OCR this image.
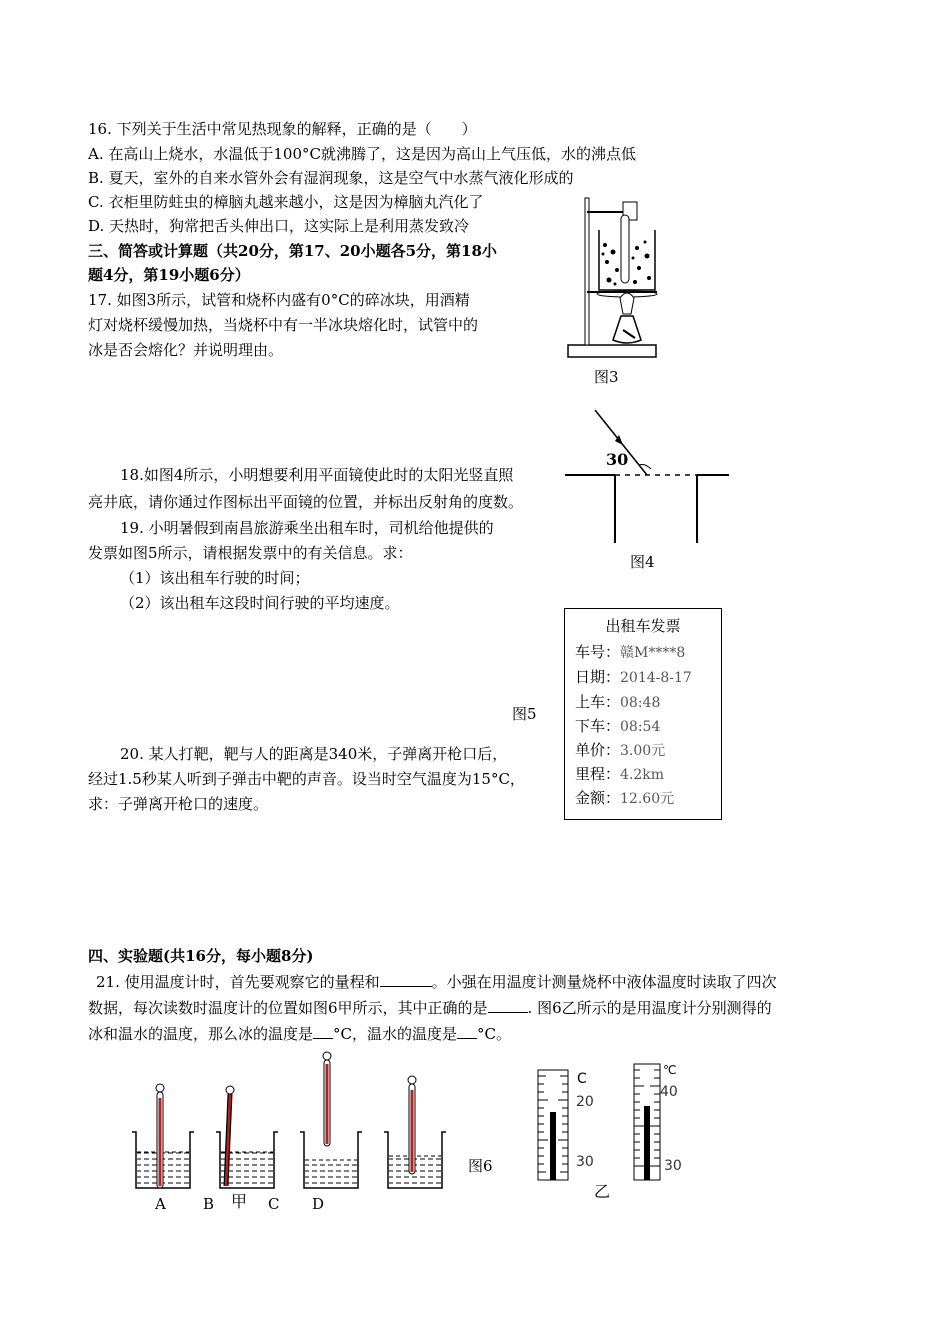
16. 下列关于生活中常见热现象的解释，正确的是（　　）
A. 在高山上烧水，水温低于100°C就沸腾了，这是因为高山上气压低，水的沸点低
B. 夏天，室外的自来水管外会有湿润现象，这是空气中水蒸气液化形成的
C. 衣柜里防蛀虫的樟脑丸越来越小，这是因为樟脑丸汽化了
D. 天热时，狗常把舌头伸出口，这实际上是利用蒸发致冷
三、简答或计算题（共20分，第17、20小题各5分，第18小
题4分，第19小题6分）
17. 如图3所示，试管和烧杯内盛有0°C的碎冰块，用酒精
灯对烧杯缓慢加热，当烧杯中有一半冰块熔化时，试管中的
冰是否会熔化？并说明理由。
图3
30
图4
18.如图4所示，小明想要利用平面镜使此时的太阳光竖直照
亮井底，请你通过作图标出平面镜的位置，并标出反射角的度数。
19. 小明暑假到南昌旅游乘坐出租车时，司机给他提供的
发票如图5所示，请根据发票中的有关信息。求：
（1）该出租车行驶的时间；
（2）该出租车这段时间行驶的平均速度。
图5
出租车发票
车号：赣M****8
日期：2014-8-17
上车：08:48
下车：08:54
单价：3.00元
里程：4.2km
金额：12.60元
20. 某人打靶，靶与人的距离是340米，子弹离开枪口后，
经过1.5秒某人听到子弹击中靶的声音。设当时空气温度为15°C，
求：子弹离开枪口的速度。
四、实验题(共16分，每小题8分)
21. 使用温度计时，首先要观察它的量程和	。小强在用温度计测量烧杯中液体温度时读取了四次
数据，每次读数时温度计的位置如图6甲所示，其中正确的是	. 图6乙所示的是用温度计分别测得的
冰和温水的温度，那么冰的温度是 °C，温水的温度是 °C。
A B 甲 C D
图6
C
20
30
℃
40
30
乙
